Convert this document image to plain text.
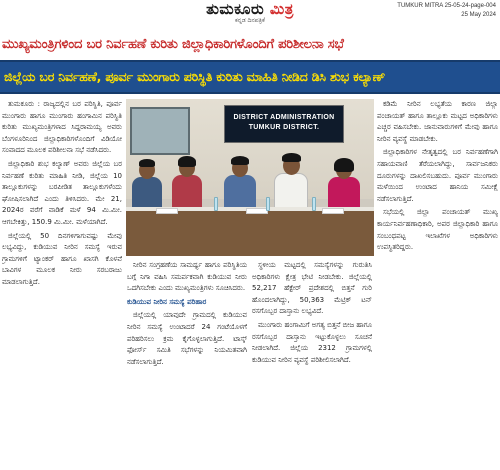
ತುಮಕೂರು ಮಿತ್ರ
ಕನ್ನಡ ದಿನಪತ್ರಿಕೆ
TUMKUR MITRA 25-05-24-page-004
25 May 2024
ಮುಖ್ಯಮಂತ್ರಿಗಳಿಂದ ಬರ ನಿರ್ವಹಣೆ ಕುರಿತು ಜಿಲ್ಲಾಧಿಕಾರಿಗಳೊಂದಿಗೆ ಪರಿಶೀಲನಾ ಸಭೆ
ಜಿಲ್ಲೆಯ ಬರ ನಿರ್ವಹಣೆ, ಪೂರ್ವ ಮುಂಗಾರು ಪರಿಸ್ಥಿತಿ ಕುರಿತು ಮಾಹಿತಿ ನೀಡಿದ ಡಿಸಿ ಶುಭ ಕಲ್ಯಾಣ್

ತುಮಕೂರು : ರಾಜ್ಯದಲ್ಲಿನ ಬರ ಪರಿಸ್ಥಿತಿ, ಪೂರ್ವ ಮುಂಗಾರು ಹಾಗೂ ಮುಂಗಾರು ಹಂಗಾಮಿನ ಪರಿಸ್ಥಿತಿ ಕುರಿತು ಮುಖ್ಯಮಂತ್ರಿಗಳಾದ ಸಿದ್ದರಾಮಯ್ಯ ಅವರು ಬೆಂಗಳೂರಿನಿಂದ ಜಿಲ್ಲಾಧಿಕಾರಿಗಳೊಂದಿಗೆ ವಿಡಿಯೋ ಸಂವಾದದ ಮೂಲಕ ಪರಿಶೀಲನಾ ಸಭೆ ನಡೆಸಿದರು.

ಜಿಲ್ಲಾಧಿಕಾರಿ ಶುಭ ಕಲ್ಯಾಣ್ ಅವರು ಜಿಲ್ಲೆಯ ಬರ ನಿರ್ವಹಣೆ ಕುರಿತು ಮಾಹಿತಿ ನೀಡಿ, ಜಿಲ್ಲೆಯ 10 ತಾಲ್ಲೂಕುಗಳನ್ನು ಬರಪೀಡಿತ ತಾಲ್ಲೂಕುಗಳೆಂದು ಘೋಷಿಸಲಾಗಿದೆ ಎಂದು ತಿಳಿಸಿದರು. ಮೇ 21, 2024ರ ವರೆಗೆ ವಾಡಿಕೆ ಮಳೆ 94 ಮಿ.ಮೀ. ಆಗಬೇಕಿತ್ತು, 150.9 ಮಿ.ಮೀ. ಮಳೆಯಾಗಿದೆ.

ಜಿಲ್ಲೆಯಲ್ಲಿ 50 ದಿನಗಳಿಗಾಗುವಷ್ಟು ಮೇವು ಲಭ್ಯವಿದ್ದು, ಕುಡಿಯುವ ನೀರಿನ ಸಮಸ್ಯೆ ಇರುವ ಗ್ರಾಮಗಳಿಗೆ ಟ್ಯಾಂಕರ್ ಹಾಗೂ ಖಾಸಗಿ ಕೊಳವೆ ಬಾವಿಗಳ ಮೂಲಕ ನೀರು ಸರಬರಾಜು ಮಾಡಲಾಗುತ್ತಿದೆ.

DISTRICT ADMINISTRATION
TUMKUR DISTRICT.

ನೀರಿನ ಸಂಗ್ರಹಣೆಯ ಸಾಮರ್ಥ್ಯ ಹಾಗೂ ಪರಿಸ್ಥಿತಿಯ ಬಗ್ಗೆ ನಿಗಾ ವಹಿಸಿ ಸಮರ್ಪಕವಾಗಿ ಕುಡಿಯುವ ನೀರು ಒದಗಿಸಬೇಕು ಎಂದು ಮುಖ್ಯಮಂತ್ರಿಗಳು ಸೂಚಿಸಿದರು.

ಕುಡಿಯುವ ನೀರಿನ ಸಮಸ್ಯೆ ಪರಿಹಾರ

ಜಿಲ್ಲೆಯಲ್ಲಿ ಯಾವುದೇ ಗ್ರಾಮದಲ್ಲಿ ಕುಡಿಯುವ ನೀರಿನ ಸಮಸ್ಯೆ ಉಂಟಾದರೆ 24 ಗಂಟೆಯೊಳಗೆ ಪರಿಹರಿಸಲು ಕ್ರಮ ಕೈಗೊಳ್ಳಲಾಗುತ್ತಿದೆ. ಟಾಸ್ಕ್ ಫೋರ್ಸ್ ಸಮಿತಿ ಸಭೆಗಳನ್ನು ನಿಯಮಿತವಾಗಿ ನಡೆಸಲಾಗುತ್ತಿದೆ.

ಸ್ಥಳೀಯ ಮಟ್ಟದಲ್ಲಿ ಸಮಸ್ಯೆಗಳನ್ನು ಗುರುತಿಸಿ ಅಧಿಕಾರಿಗಳು ಕ್ಷೇತ್ರ ಭೇಟಿ ನೀಡಬೇಕು. ಜಿಲ್ಲೆಯಲ್ಲಿ 52,217 ಹೆಕ್ಟೇರ್ ಪ್ರದೇಶದಲ್ಲಿ ಬಿತ್ತನೆ ಗುರಿ ಹೊಂದಲಾಗಿದ್ದು, 50,363 ಮೆಟ್ರಿಕ್ ಟನ್ ರಸಗೊಬ್ಬರ ದಾಸ್ತಾನು ಲಭ್ಯವಿದೆ.

ಮುಂಗಾರು ಹಂಗಾಮಿಗೆ ಅಗತ್ಯ ಬಿತ್ತನೆ ಬೀಜ ಹಾಗೂ ರಸಗೊಬ್ಬರ ದಾಸ್ತಾನು ಇಟ್ಟುಕೊಳ್ಳಲು ಸೂಚನೆ ನೀಡಲಾಗಿದೆ. ಜಿಲ್ಲೆಯ 2312 ಗ್ರಾಮಗಳಲ್ಲಿ ಕುಡಿಯುವ ನೀರಿನ ವ್ಯವಸ್ಥೆ ಪರಿಶೀಲಿಸಲಾಗಿದೆ.

ಕಡಿಮೆ ನೀರಿನ ಲಭ್ಯತೆಯ ಕಾರಣ ಜಿಲ್ಲಾ ಪಂಚಾಯತ್ ಹಾಗೂ ತಾಲ್ಲೂಕು ಮಟ್ಟದ ಅಧಿಕಾರಿಗಳು ಎಚ್ಚರ ವಹಿಸಬೇಕು. ಜಾನುವಾರುಗಳಿಗೆ ಮೇವು ಹಾಗೂ ನೀರಿನ ವ್ಯವಸ್ಥೆ ಮಾಡಬೇಕು.

ಜಿಲ್ಲಾಧಿಕಾರಿಗಳ ನೇತೃತ್ವದಲ್ಲಿ ಬರ ನಿರ್ವಹಣೆಗಾಗಿ ಸಹಾಯವಾಣಿ ತೆರೆಯಲಾಗಿದ್ದು, ಸಾರ್ವಜನಿಕರು ದೂರುಗಳನ್ನು ದಾಖಲಿಸಬಹುದು. ಪೂರ್ವ ಮುಂಗಾರು ಮಳೆಯಿಂದ ಉಂಟಾದ ಹಾನಿಯ ಸಮೀಕ್ಷೆ ನಡೆಸಲಾಗುತ್ತಿದೆ.

ಸಭೆಯಲ್ಲಿ ಜಿಲ್ಲಾ ಪಂಚಾಯತ್ ಮುಖ್ಯ ಕಾರ್ಯನಿರ್ವಹಣಾಧಿಕಾರಿ, ಅಪರ ಜಿಲ್ಲಾಧಿಕಾರಿ ಹಾಗೂ ಸಂಬಂಧಪಟ್ಟ ಇಲಾಖೆಗಳ ಅಧಿಕಾರಿಗಳು ಉಪಸ್ಥಿತರಿದ್ದರು.
